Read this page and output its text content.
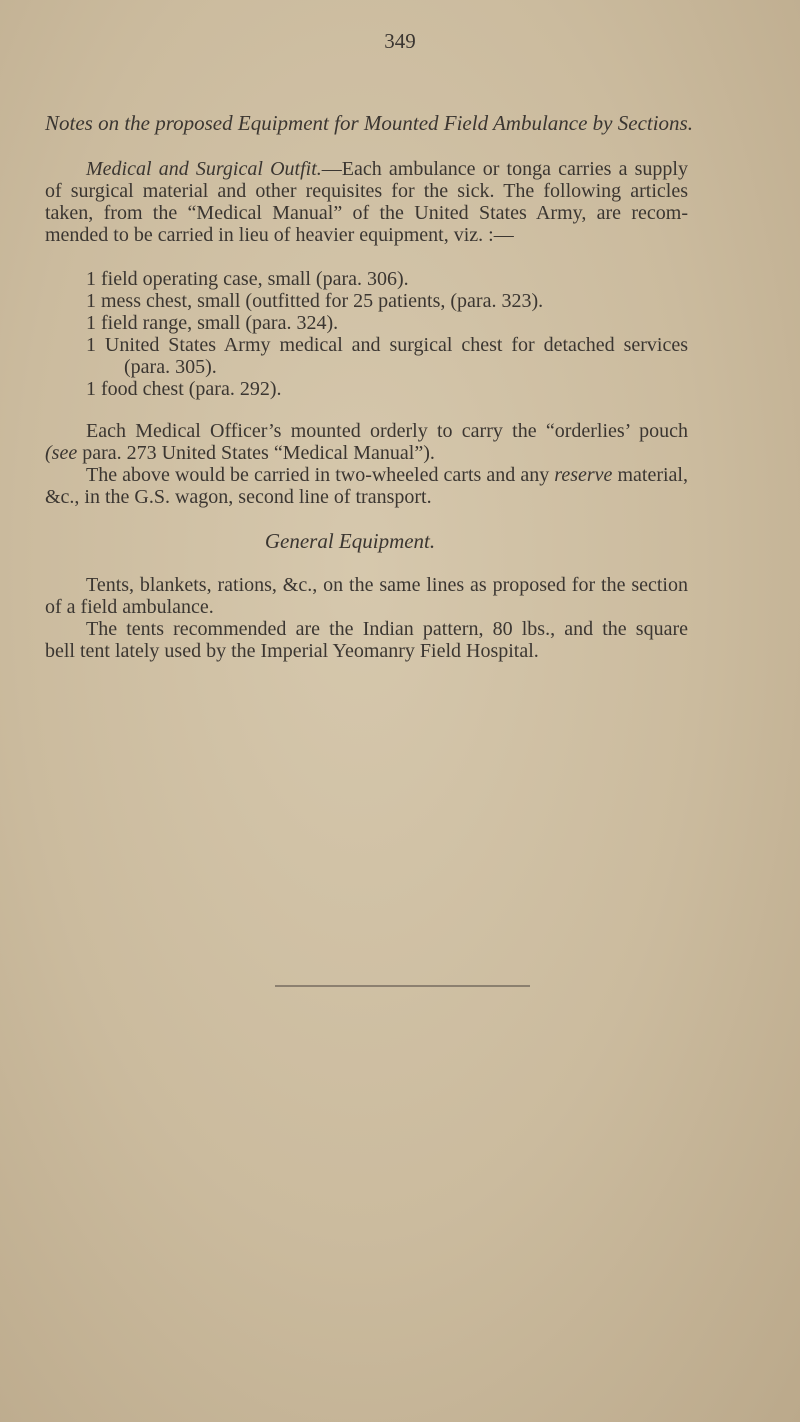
349
Notes on the proposed Equipment for Mounted Field Ambulance by Sections.
Medical and Surgical Outfit.—Each ambulance or tonga carries a supply
of surgical material and other requisites for the sick. The following articles
taken, from the “Medical Manual” of the United States Army, are recom-
mended to be carried in lieu of heavier equipment, viz. :—
1 field operating case, small (para. 306).
1 mess chest, small (outfitted for 25 patients, (para. 323).
1 field range, small (para. 324).
1 United States Army medical and surgical chest for detached services
(para. 305).
1 food chest (para. 292).
Each Medical Officer’s mounted orderly to carry the “orderlies’ pouch
(see para. 273 United States “Medical Manual”).
The above would be carried in two-wheeled carts and any reserve material,
&c., in the G.S. wagon, second line of transport.
General Equipment.
Tents, blankets, rations, &c., on the same lines as proposed for the section
of a field ambulance.
The tents recommended are the Indian pattern, 80 lbs., and the square
bell tent lately used by the Imperial Yeomanry Field Hospital.
